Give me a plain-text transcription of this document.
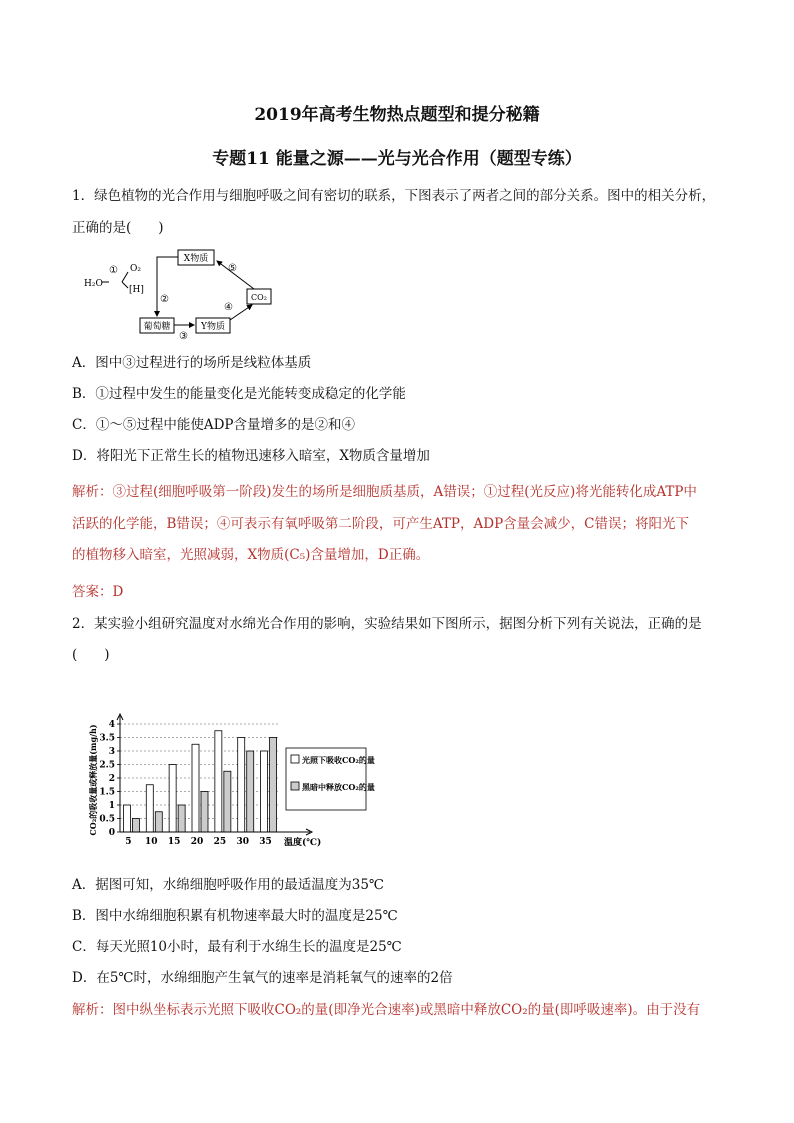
2019年高考生物热点题型和提分秘籍
专题11 能量之源——光与光合作用（题型专练）
1．绿色植物的光合作用与细胞呼吸之间有密切的联系，下图表示了两者之间的部分关系。图中的相关分析，
正确的是(　　)
H₂O
① O₂
[H]
X物质
②	CO₂
⑤
葡萄糖	Y物质
③
④
A．图中③过程进行的场所是线粒体基质
B．①过程中发生的能量变化是光能转变成稳定的化学能
C．①～⑤过程中能使ADP含量增多的是②和④
D．将阳光下正常生长的植物迅速移入暗室，X物质含量增加
解析：③过程(细胞呼吸第一阶段)发生的场所是细胞质基质，A错误；①过程(光反应)将光能转化成ATP中
活跃的化学能，B错误；④可表示有氧呼吸第二阶段，可产生ATP，ADP含量会减少，C错误；将阳光下
的植物移入暗室，光照减弱，X物质(C₅)含量增加，D正确。
答案：D
2．某实验小组研究温度对水绵光合作用的影响，实验结果如下图所示，据图分析下列有关说法，正确的是
(　　)
0
0.5
1
1.5
2
2.5
3
3.5
4
5 10 15 20 25 30 35
CO₂的吸收量或释放量(mg/h)
温度(℃)
光照下吸收CO₂的量
黑暗中释放CO₂的量
A．据图可知，水绵细胞呼吸作用的最适温度为35℃
B．图中水绵细胞积累有机物速率最大时的温度是25℃
C．每天光照10小时，最有利于水绵生长的温度是25℃
D．在5℃时，水绵细胞产生氧气的速率是消耗氧气的速率的2倍
解析：图中纵坐标表示光照下吸收CO₂的量(即净光合速率)或黑暗中释放CO₂的量(即呼吸速率)。由于没有
